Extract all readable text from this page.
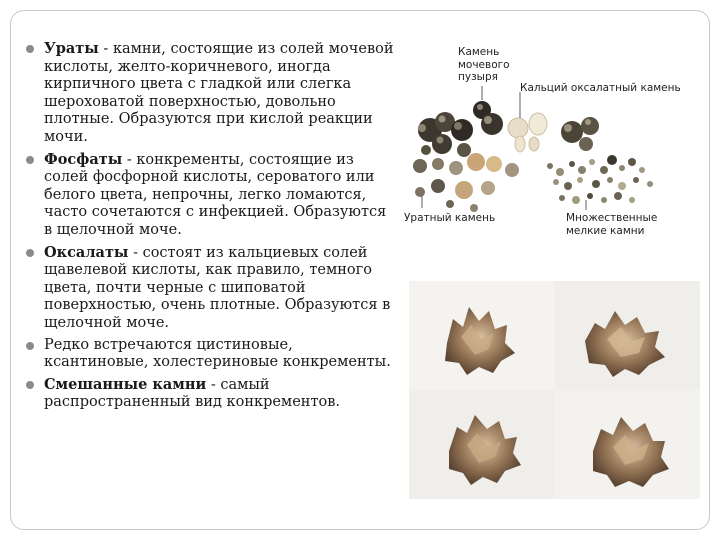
Ураты - камни, состоящие из солей мочевой кислоты, желто-коричневого, иногда кирпичного цвета с гладкой или слегка шероховатой поверхностью, довольно плотные. Образуются при кислой реакции мочи.
Фосфаты - конкременты, состоящие из солей фосфорной кислоты, сероватого или белого цвета, непрочны, легко ломаются, часто сочетаются с инфекцией. Образуются в щелочной моче.
Оксалаты - состоят из кальциевых солей щавелевой кислоты, как правило, темного цвета, почти черные с шиповатой поверхностью, очень плотные. Образуются в щелочной моче.
Редко встречаются цистиновые, ксантиновые, холестериновые конкременты.
Смешанные камни - самый распространенный вид конкрементов.
Камень
мочевого
пузыря
Кальций оксалатный камень
Уратный камень	Множественные
мелкие камни
